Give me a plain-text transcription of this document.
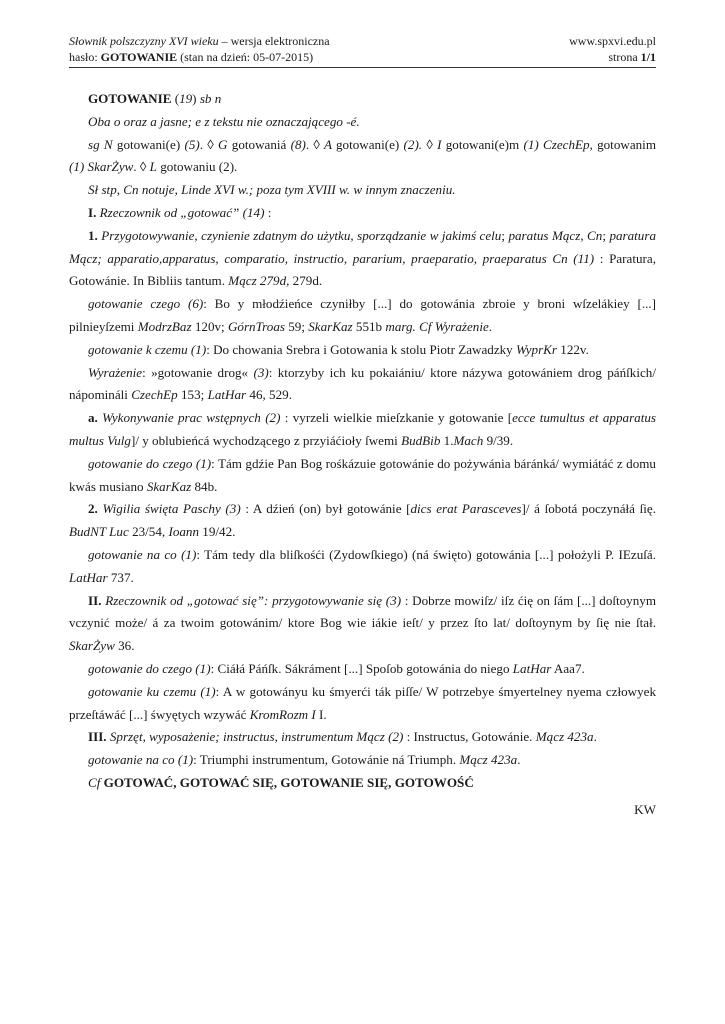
Słownik polszczyzny XVI wieku – wersja elektroniczna	www.spxvi.edu.pl
hasło: GOTOWANIE (stan na dzień: 05-07-2015)	strona 1/1

GOTOWANIE (19) sb n

Oba o oraz a jasne; e z tekstu nie oznaczającego -é.

sg N gotowani(e) (5). ◊ G gotowaniá (8). ◊ A gotowani(e) (2). ◊ I gotowani(e)m (1) CzechEp, gotowanim (1) SkarŻyw. ◊ L gotowaniu (2).

Sł stp, Cn notuje, Linde XVI w.; poza tym XVIII w. w innym znaczeniu.

I. Rzeczownik od „gotować” (14) :

1. Przygotowywanie, czynienie zdatnym do użytku, sporządzanie w jakimś celu; paratus Mącz, Cn; paratura Mącz; apparatio,apparatus, comparatio, instructio, pararium, praeparatio, praeparatus Cn (11) : Paratura, Gotowánie. In Bibliis tantum. Mącz 279d, 279d.

gotowanie czego (6): Bo y młodźieńce czyniłby [...] do gotowánia zbroie y broni wſzelákiey [...] pilnieyſzemi ModrzBaz 120v; GórnTroas 59; SkarKaz 551b marg. Cf Wyrażenie.

gotowanie k czemu (1): Do chowania Srebra i Gotowania k stolu Piotr Zawadzky WyprKr 122v.

Wyrażenie: »gotowanie drog« (3): ktorzyby ich ku pokaiániu/ ktore názywa gotowániem drog páńſkich/ nápomináli CzechEp 153; LatHar 46, 529.

a. Wykonywanie prac wstępnych (2) : vyrzeli wielkie mieſzkanie y gotowanie [ecce tumultus et apparatus multus Vulg]/ y oblubieńcá wychodzącego z przyiáćioły ſwemi BudBib 1.Mach 9/39.

gotowanie do czego (1): Tám gdźie Pan Bog rośkázuie gotowánie do pożywánia báránká/ wymiátáć z domu kwás musiano SkarKaz 84b.

2. Wigilia święta Paschy (3) : A dźień (on) był gotowánie [dics erat Parasceves]/ á ſobotá poczynáłá ſię. BudNT Luc 23/54, Ioann 19/42.

gotowanie na co (1): Tám tedy dla bliſkośći (Zydowſkiego) (ná święto) gotowánia [...] położyli P. IEzuſá. LatHar 737.

II. Rzeczownik od „gotować się”: przygotowywanie się (3) : Dobrze mowiſz/ iſz ćię on ſám [...] doſtoynym vczynić może/ á za twoim gotowánim/ ktore Bog wie iákie ieſt/ y przez ſto lat/ doſtoynym by ſię nie ſtał. SkarŻyw 36.

gotowanie do czego (1): Ciáłá Páńſk. Sákráment [...] Spoſob gotowánia do niego LatHar Aaa7.

gotowanie ku czemu (1): A w gotowányu ku śmyerći ták piſſe/ W potrzebye śmyertelney nyema człowyek przeſtáwáć [...] śwyętych wzywáć KromRozm I I.

III. Sprzęt, wyposażenie; instructus, instrumentum Mącz (2) : Instructus, Gotowánie. Mącz 423a.

gotowanie na co (1): Triumphi instrumentum, Gotowánie ná Triumph. Mącz 423a.

Cf GOTOWAĆ, GOTOWAĆ SIĘ, GOTOWANIE SIĘ, GOTOWOŚĆ

KW
